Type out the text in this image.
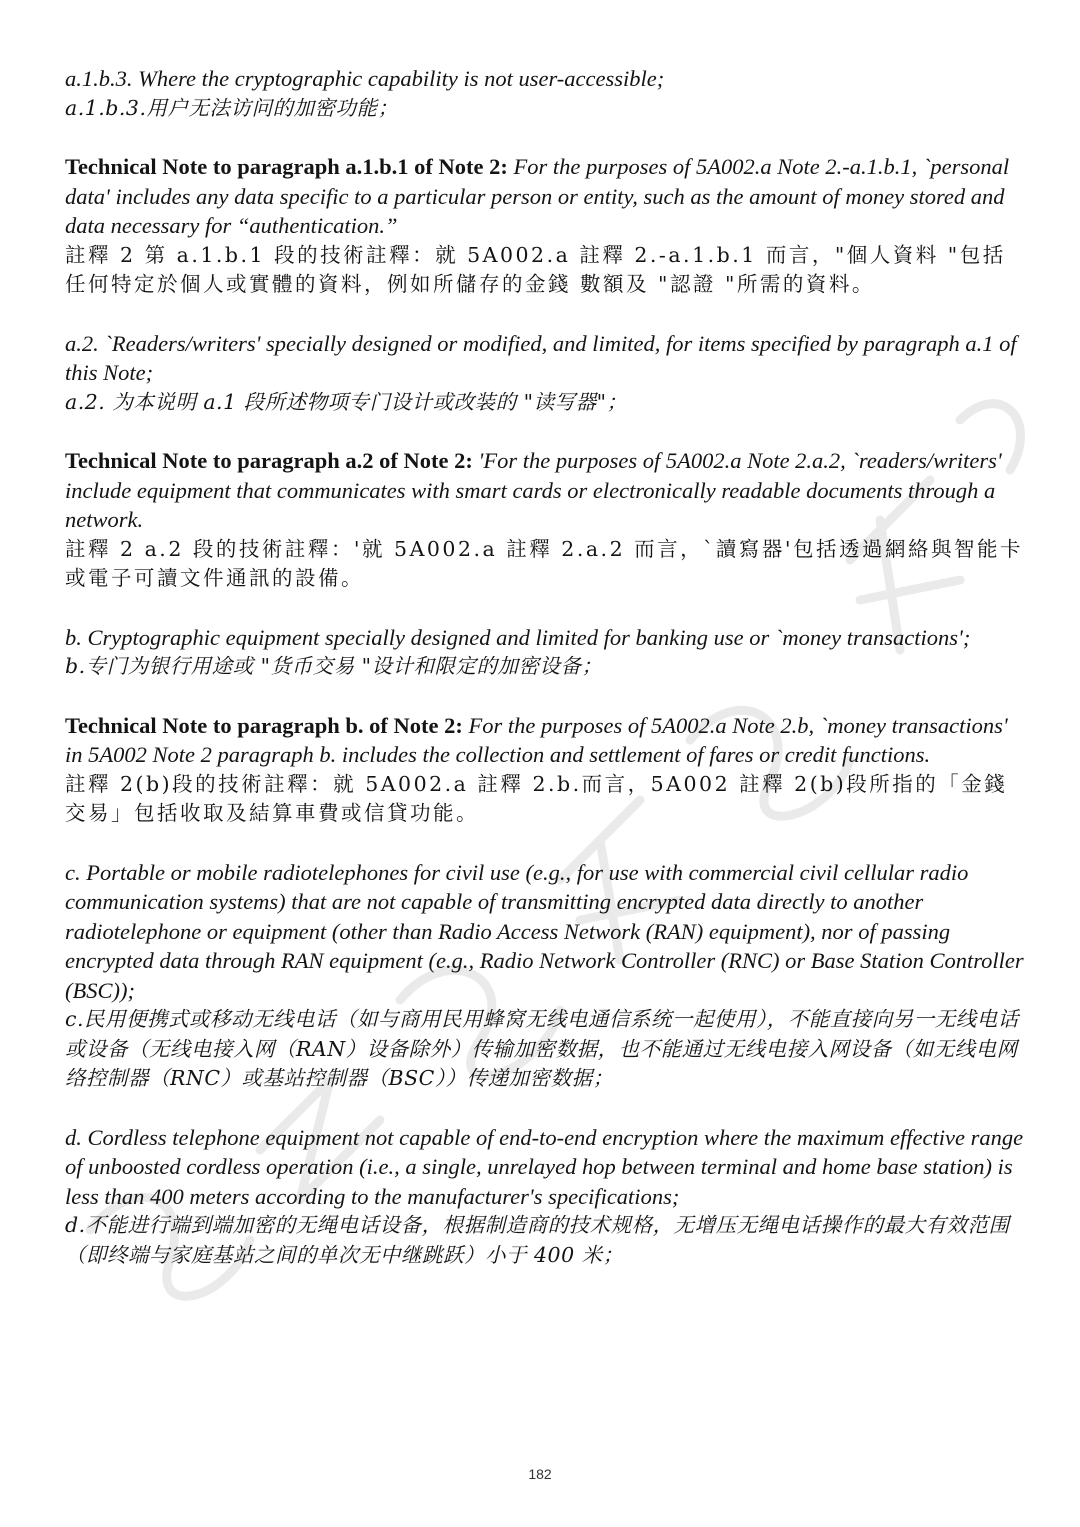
a.1.b.3. Where the cryptographic capability is not user-accessible;

a.1.b.3.用户无法访问的加密功能；

Technical Note to paragraph a.1.b.1 of Note 2: For the purposes of 5A002.a Note 2.-a.1.b.1, `personal data' includes any data specific to a particular person or entity, such as the amount of money stored and data necessary for “authentication.”

註釋 2 第 a.1.b.1 段的技術註釋：就 5A002.a 註釋 2.-a.1.b.1 而言，"個人資料 "包括任何特定於個人或實體的資料，例如所儲存的金錢 數額及 "認證 "所需的資料。

a.2. `Readers/writers' specially designed or modified, and limited, for items specified by paragraph a.1 of this Note;

a.2. 为本说明 a.1 段所述物项专门设计或改装的 "读写器"；

Technical Note to paragraph a.2 of Note 2: 'For the purposes of 5A002.a Note 2.a.2, `readers/writers' include equipment that communicates with smart cards or electronically readable documents through a network.

註釋 2 a.2 段的技術註釋：'就 5A002.a 註釋 2.a.2 而言，`讀寫器'包括透過網絡與智能卡或電子可讀文件通訊的設備。

b. Cryptographic equipment specially designed and limited for banking use or `money transactions';

b.专门为银行用途或 "货币交易 "设计和限定的加密设备；

Technical Note to paragraph b. of Note 2: For the purposes of 5A002.a Note 2.b, `money transactions' in 5A002 Note 2 paragraph b. includes the collection and settlement of fares or credit functions.

註釋 2(b)段的技術註釋：就 5A002.a 註釋 2.b.而言，5A002 註釋 2(b)段所指的「金錢交易」包括收取及結算車費或信貸功能。

c. Portable or mobile radiotelephones for civil use (e.g., for use with commercial civil cellular radio communication systems) that are not capable of transmitting encrypted data directly to another radiotelephone or equipment (other than Radio Access Network (RAN) equipment), nor of passing encrypted data through RAN equipment (e.g., Radio Network Controller (RNC) or Base Station Controller (BSC));

c.民用便携式或移动无线电话（如与商用民用蜂窝无线电通信系统一起使用），不能直接向另一无线电话或设备（无线电接入网（RAN）设备除外）传输加密数据，也不能通过无线电接入网设备（如无线电网络控制器（RNC）或基站控制器（BSC））传递加密数据；

d. Cordless telephone equipment not capable of end-to-end encryption where the maximum effective range of unboosted cordless operation (i.e., a single, unrelayed hop between terminal and home base station) is less than 400 meters according to the manufacturer's specifications;

d.不能进行端到端加密的无绳电话设备，根据制造商的技术规格，无增压无绳电话操作的最大有效范围（即终端与家庭基站之间的单次无中继跳跃）小于 400 米；

182
